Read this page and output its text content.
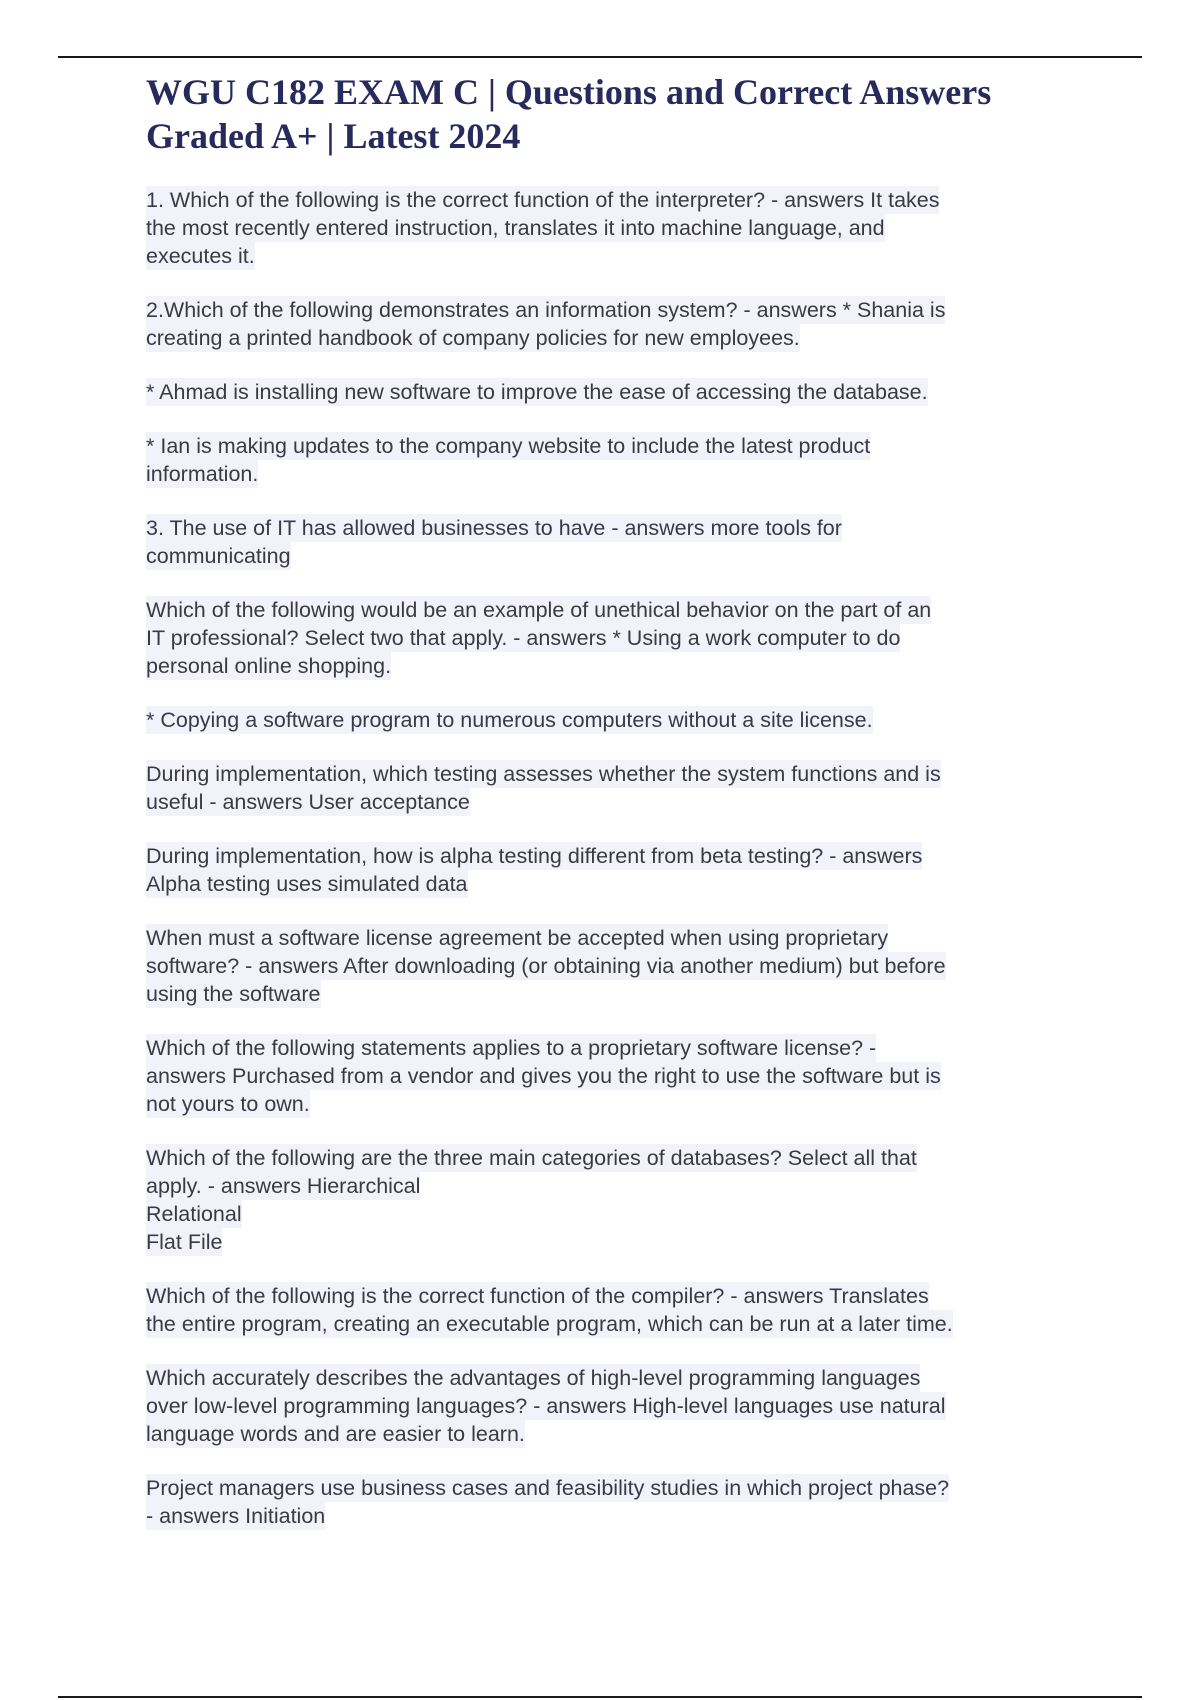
WGU C182 EXAM C | Questions and Correct Answers
Graded A+ | Latest 2024

1. Which of the following is the correct function of the interpreter? - answers It takes
the most recently entered instruction, translates it into machine language, and
executes it.

2.Which of the following demonstrates an information system? - answers * Shania is
creating a printed handbook of company policies for new employees.

* Ahmad is installing new software to improve the ease of accessing the database.

* Ian is making updates to the company website to include the latest product
information.

3. The use of IT has allowed businesses to have - answers more tools for
communicating

Which of the following would be an example of unethical behavior on the part of an
IT professional? Select two that apply. - answers * Using a work computer to do
personal online shopping.

* Copying a software program to numerous computers without a site license.

During implementation, which testing assesses whether the system functions and is
useful - answers User acceptance

During implementation, how is alpha testing different from beta testing? - answers
Alpha testing uses simulated data

When must a software license agreement be accepted when using proprietary
software? - answers After downloading (or obtaining via another medium) but before
using the software

Which of the following statements applies to a proprietary software license? -
answers Purchased from a vendor and gives you the right to use the software but is
not yours to own.

Which of the following are the three main categories of databases? Select all that
apply. - answers Hierarchical
Relational
Flat File

Which of the following is the correct function of the compiler? - answers Translates
the entire program, creating an executable program, which can be run at a later time.

Which accurately describes the advantages of high-level programming languages
over low-level programming languages? - answers High-level languages use natural
language words and are easier to learn.

Project managers use business cases and feasibility studies in which project phase?
- answers Initiation
